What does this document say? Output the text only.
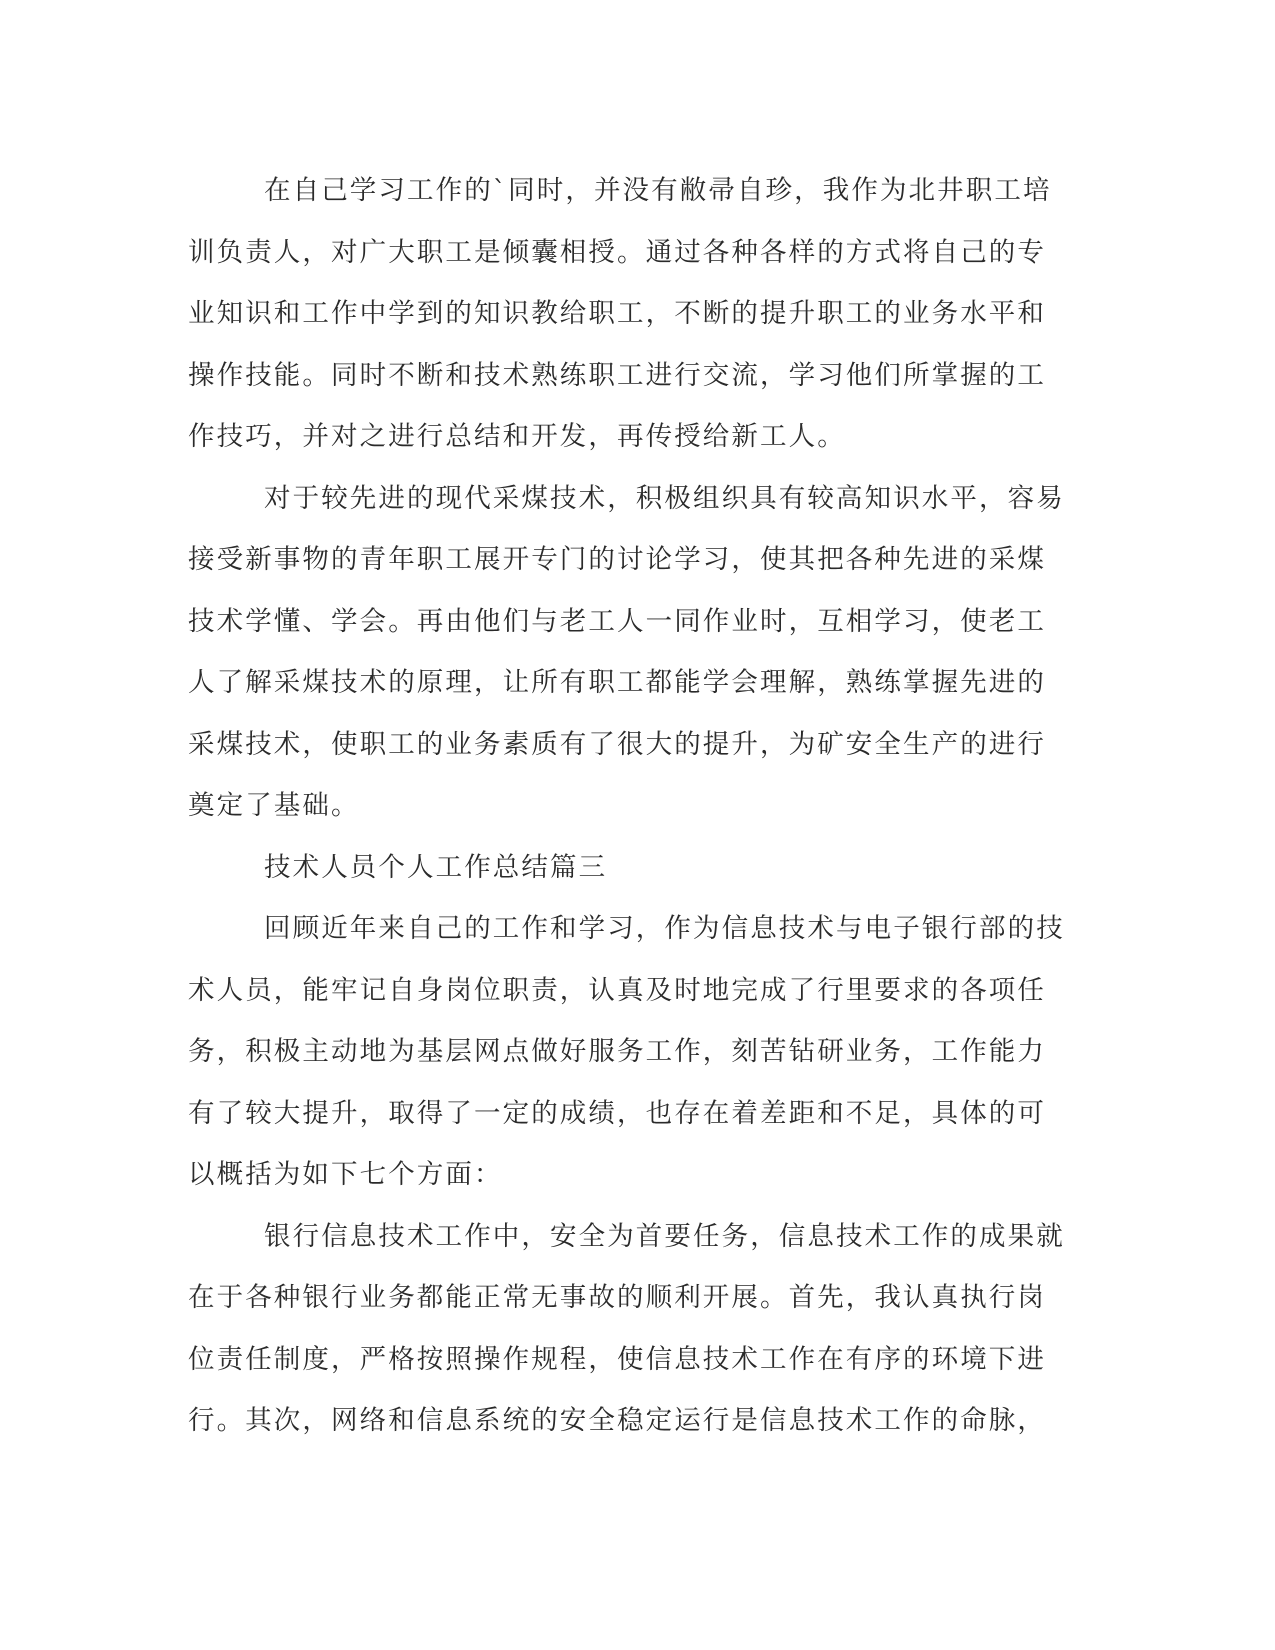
在自己学习工作的`同时，并没有敝帚自珍，我作为北井职工培
训负责人，对广大职工是倾囊相授。通过各种各样的方式将自己的专
业知识和工作中学到的知识教给职工，不断的提升职工的业务水平和
操作技能。同时不断和技术熟练职工进行交流，学习他们所掌握的工
作技巧，并对之进行总结和开发，再传授给新工人。
对于较先进的现代采煤技术，积极组织具有较高知识水平，容易
接受新事物的青年职工展开专门的讨论学习，使其把各种先进的采煤
技术学懂、学会。再由他们与老工人一同作业时，互相学习，使老工
人了解采煤技术的原理，让所有职工都能学会理解，熟练掌握先进的
采煤技术，使职工的业务素质有了很大的提升，为矿安全生产的进行
奠定了基础。
技术人员个人工作总结篇三
回顾近年来自己的工作和学习，作为信息技术与电子银行部的技
术人员，能牢记自身岗位职责，认真及时地完成了行里要求的各项任
务，积极主动地为基层网点做好服务工作，刻苦钻研业务，工作能力
有了较大提升，取得了一定的成绩，也存在着差距和不足，具体的可
以概括为如下七个方面：
银行信息技术工作中，安全为首要任务，信息技术工作的成果就
在于各种银行业务都能正常无事故的顺利开展。首先，我认真执行岗
位责任制度，严格按照操作规程，使信息技术工作在有序的环境下进
行。其次，网络和信息系统的安全稳定运行是信息技术工作的命脉，
